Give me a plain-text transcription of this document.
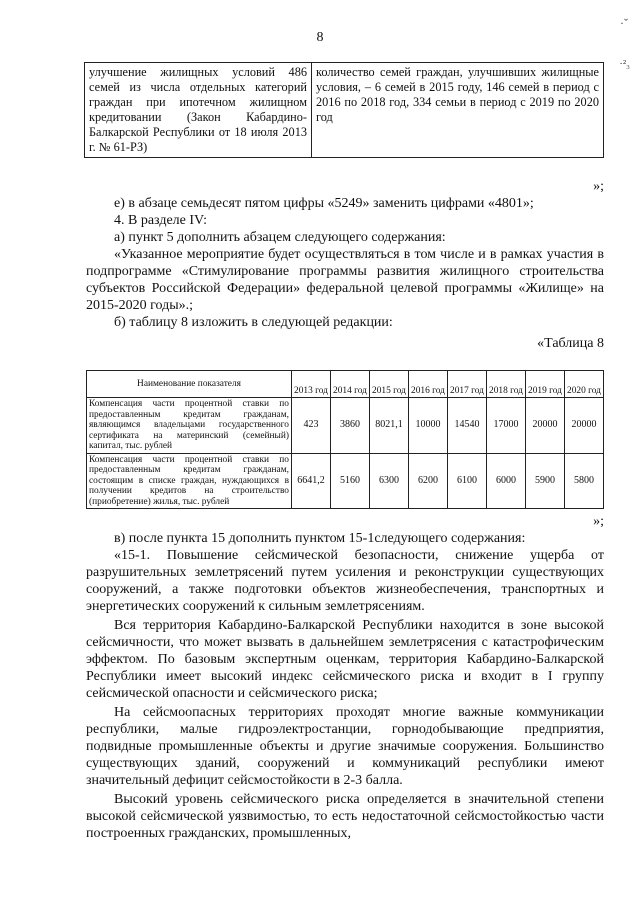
8
·ˇ
·²₃
улучшение жилищных условий 486 семей из числа отдельных категорий граждан при ипотечном жилищном кредитовании (Закон Кабардино-Балкарской Республики от 18 июля 2013 г. № 61-РЗ)	количество семей граждан, улучшивших жилищные условия, – 6 семей в 2015 году, 146 семей в период с 2016 по 2018 год, 334 семьи в период с 2019 по 2020 год

»;

е) в абзаце семьдесят пятом цифры «5249» заменить цифрами «4801»;

4. В разделе IV:

а) пункт 5 дополнить абзацем следующего содержания:

«Указанное мероприятие будет осуществляться в том числе и в рамках участия в подпрограмме «Стимулирование программы развития жилищного строительства субъектов Российской Федерации» федеральной целевой программы «Жилище» на 2015-2020 годы».;

б) таблицу 8 изложить в следующей редакции:

«Таблица 8

Наименование показателя	2013 год	2014 год	2015 год	2016 год	2017 год	2018 год	2019 год	2020 год
Компенсация части процентной ставки по предоставленным кредитам гражданам, являющимся владельцами государственного сертификата на материнский (семейный) капитал, тыс. рублей	423	3860	8021,1	10000	14540	17000	20000	20000
Компенсация части процентной ставки по предоставленным кредитам гражданам, состоящим в списке граждан, нуждающихся в получении кредитов на строительство (приобретение) жилья, тыс. рублей	6641,2	5160	6300	6200	6100	6000	5900	5800

»;

в) после пункта 15 дополнить пунктом 15-1следующего содержания:

«15-1. Повышение сейсмической безопасности, снижение ущерба от разрушительных землетрясений путем усиления и реконструкции существующих сооружений, а также подготовки объектов жизнеобеспечения, транспортных и энергетических сооружений к сильным землетрясениям.

Вся территория Кабардино-Балкарской Республики находится в зоне высокой сейсмичности, что может вызвать в дальнейшем землетрясения с катастрофическим эффектом. По базовым экспертным оценкам, территория Кабардино-Балкарской Республики имеет высокий индекс сейсмического риска и входит в I группу сейсмической опасности и сейсмического риска;

На сейсмоопасных территориях проходят многие важные коммуникации республики, малые гидроэлектростанции, горнодобывающие предприятия, подвидные промышленные объекты и другие значимые сооружения. Большинство существующих зданий, сооружений и коммуникаций республики имеют значительный дефицит сейсмостойкости в 2-3 балла.

Высокий уровень сейсмического риска определяется в значительной степени высокой сейсмической уязвимостью, то есть недостаточной сейсмостойкостью части построенных гражданских, промышленных,
